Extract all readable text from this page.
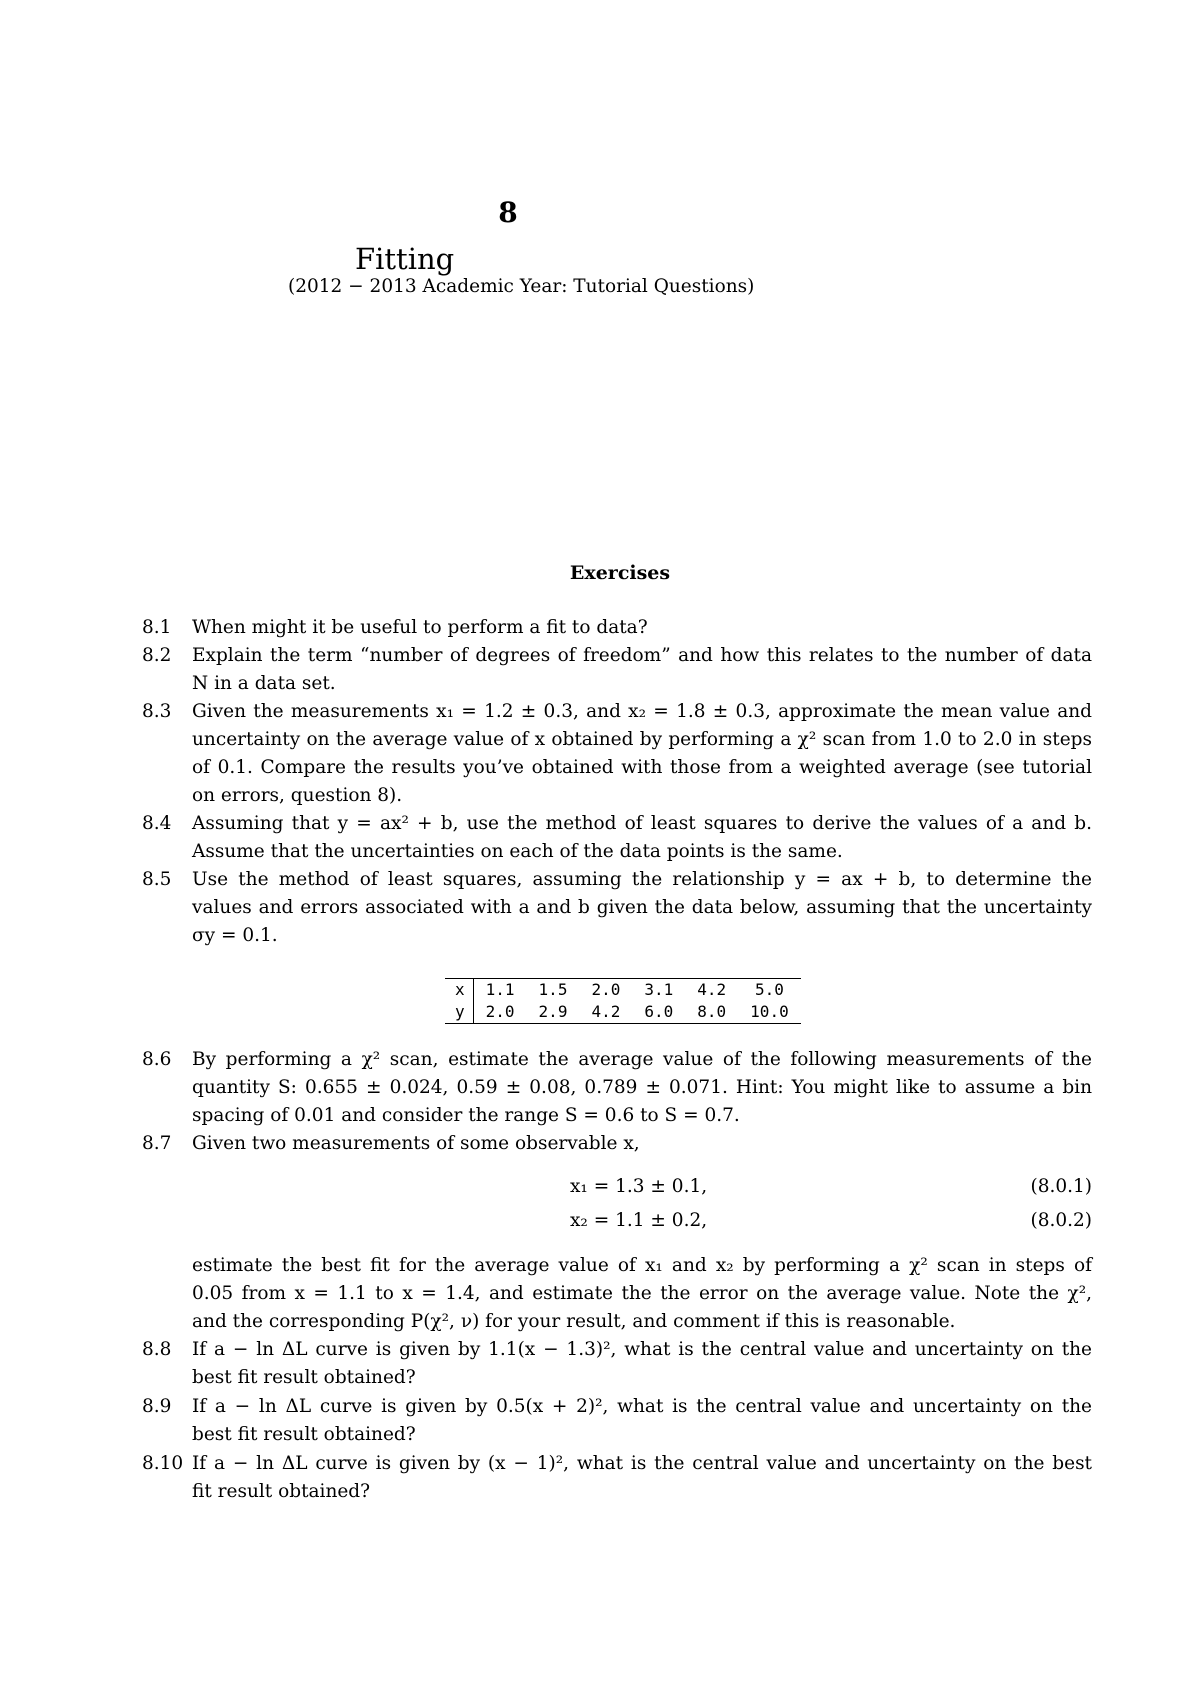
8
Fitting
(2012 − 2013 Academic Year: Tutorial Questions)
Exercises
8.1 When might it be useful to perform a fit to data?
8.2 Explain the term “number of degrees of freedom” and how this relates to the number of data
N in a data set.
8.3 Given the measurements x₁ = 1.2 ± 0.3, and x₂ = 1.8 ± 0.3, approximate the mean value and
uncertainty on the average value of x obtained by performing a χ² scan from 1.0 to 2.0 in steps
of 0.1. Compare the results you’ve obtained with those from a weighted average (see tutorial
on errors, question 8).
8.4 Assuming that y = ax² + b, use the method of least squares to derive the values of a and b.
Assume that the uncertainties on each of the data points is the same.
8.5 Use the method of least squares, assuming the relationship y = ax + b, to determine the
values and errors associated with a and b given the data below, assuming that the uncertainty
σy = 0.1.
x	1.1	1.5	2.0	3.1	4.2	5.0
y	2.0	2.9	4.2	6.0	8.0	10.0
8.6 By performing a χ² scan, estimate the average value of the following measurements of the
quantity S: 0.655 ± 0.024, 0.59 ± 0.08, 0.789 ± 0.071. Hint: You might like to assume a bin
spacing of 0.01 and consider the range S = 0.6 to S = 0.7.
8.7 Given two measurements of some observable x,
x₁ = 1.3 ± 0.1,	(8.0.1)
x₂ = 1.1 ± 0.2,	(8.0.2)
estimate the best fit for the average value of x₁ and x₂ by performing a χ² scan in steps of
0.05 from x = 1.1 to x = 1.4, and estimate the the error on the average value. Note the χ²,
and the corresponding P(χ², ν) for your result, and comment if this is reasonable.
8.8 If a − ln ΔL curve is given by 1.1(x − 1.3)², what is the central value and uncertainty on the
best fit result obtained?
8.9 If a − ln ΔL curve is given by 0.5(x + 2)², what is the central value and uncertainty on the
best fit result obtained?
8.10 If a − ln ΔL curve is given by (x − 1)², what is the central value and uncertainty on the best
fit result obtained?
